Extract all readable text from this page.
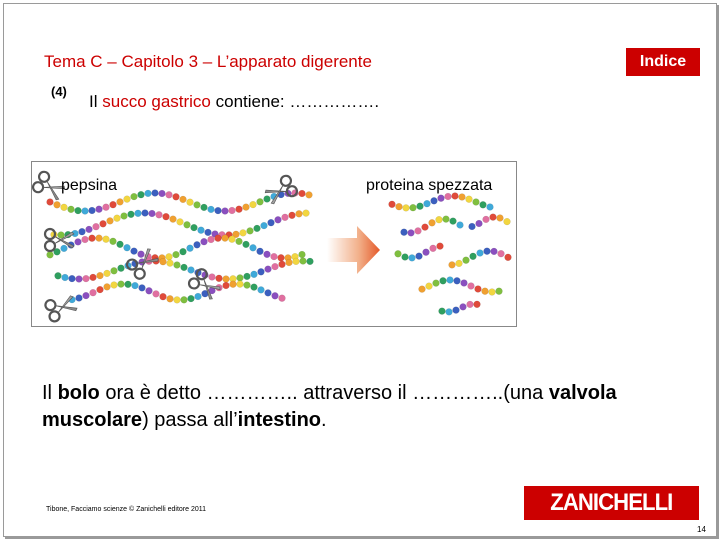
Tema C – Capitolo 3 – L’apparato digerente	Indice
(4)
Il succo gastrico contiene: …………….
pepsina	proteina spezzata
Il bolo ora è detto ………….. attraverso il …………..(una valvola muscolare) passa all’intestino.
Tibone, Facciamo scienze © Zanichelli editore 2011	ZANICHELLI
14
